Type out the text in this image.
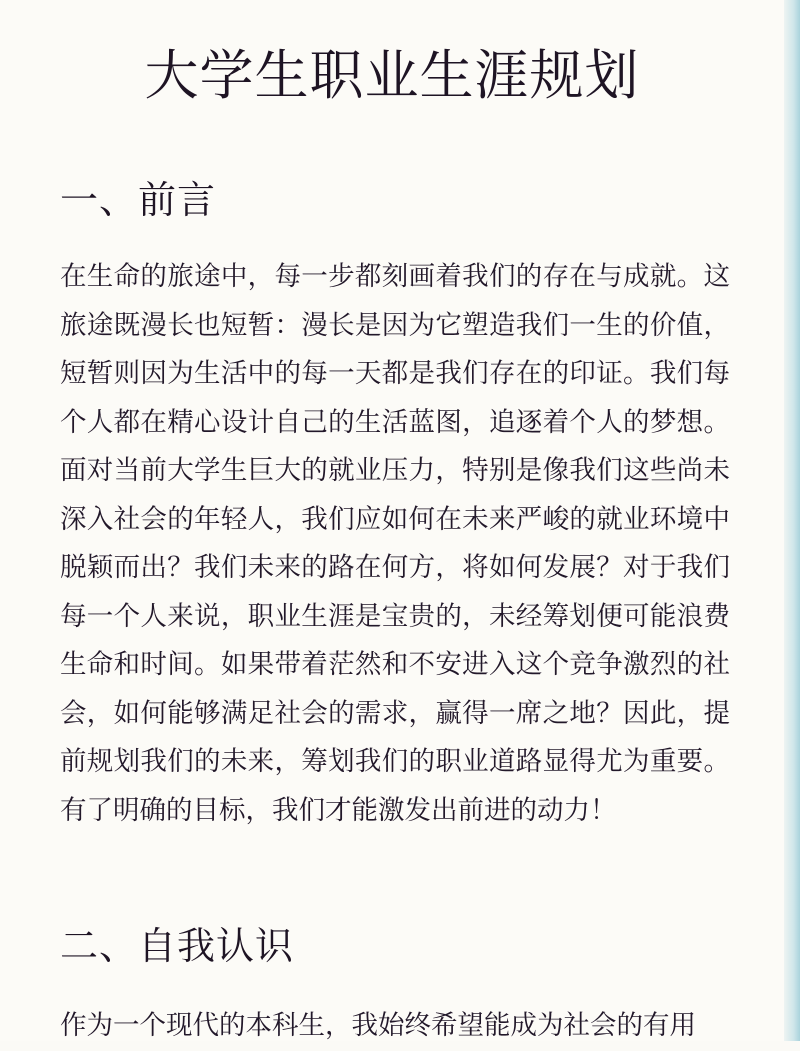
大学生职业生涯规划
一、前言

在生命的旅途中，每一步都刻画着我们的存在与成就。这旅途既漫长也短暂：漫长是因为它塑造我们一生的价值，短暂则因为生活中的每一天都是我们存在的印证。我们每个人都在精心设计自己的生活蓝图，追逐着个人的梦想。面对当前大学生巨大的就业压力，特别是像我们这些尚未深入社会的年轻人，我们应如何在未来严峻的就业环境中脱颖而出？我们未来的路在何方，将如何发展？对于我们每一个人来说，职业生涯是宝贵的，未经筹划便可能浪费生命和时间。如果带着茫然和不安进入这个竞争激烈的社会，如何能够满足社会的需求，赢得一席之地？因此，提前规划我们的未来，筹划我们的职业道路显得尤为重要。有了明确的目标，我们才能激发出前进的动力！

二、自我认识

作为一个现代的本科生，我始终希望能成为社会的有用
